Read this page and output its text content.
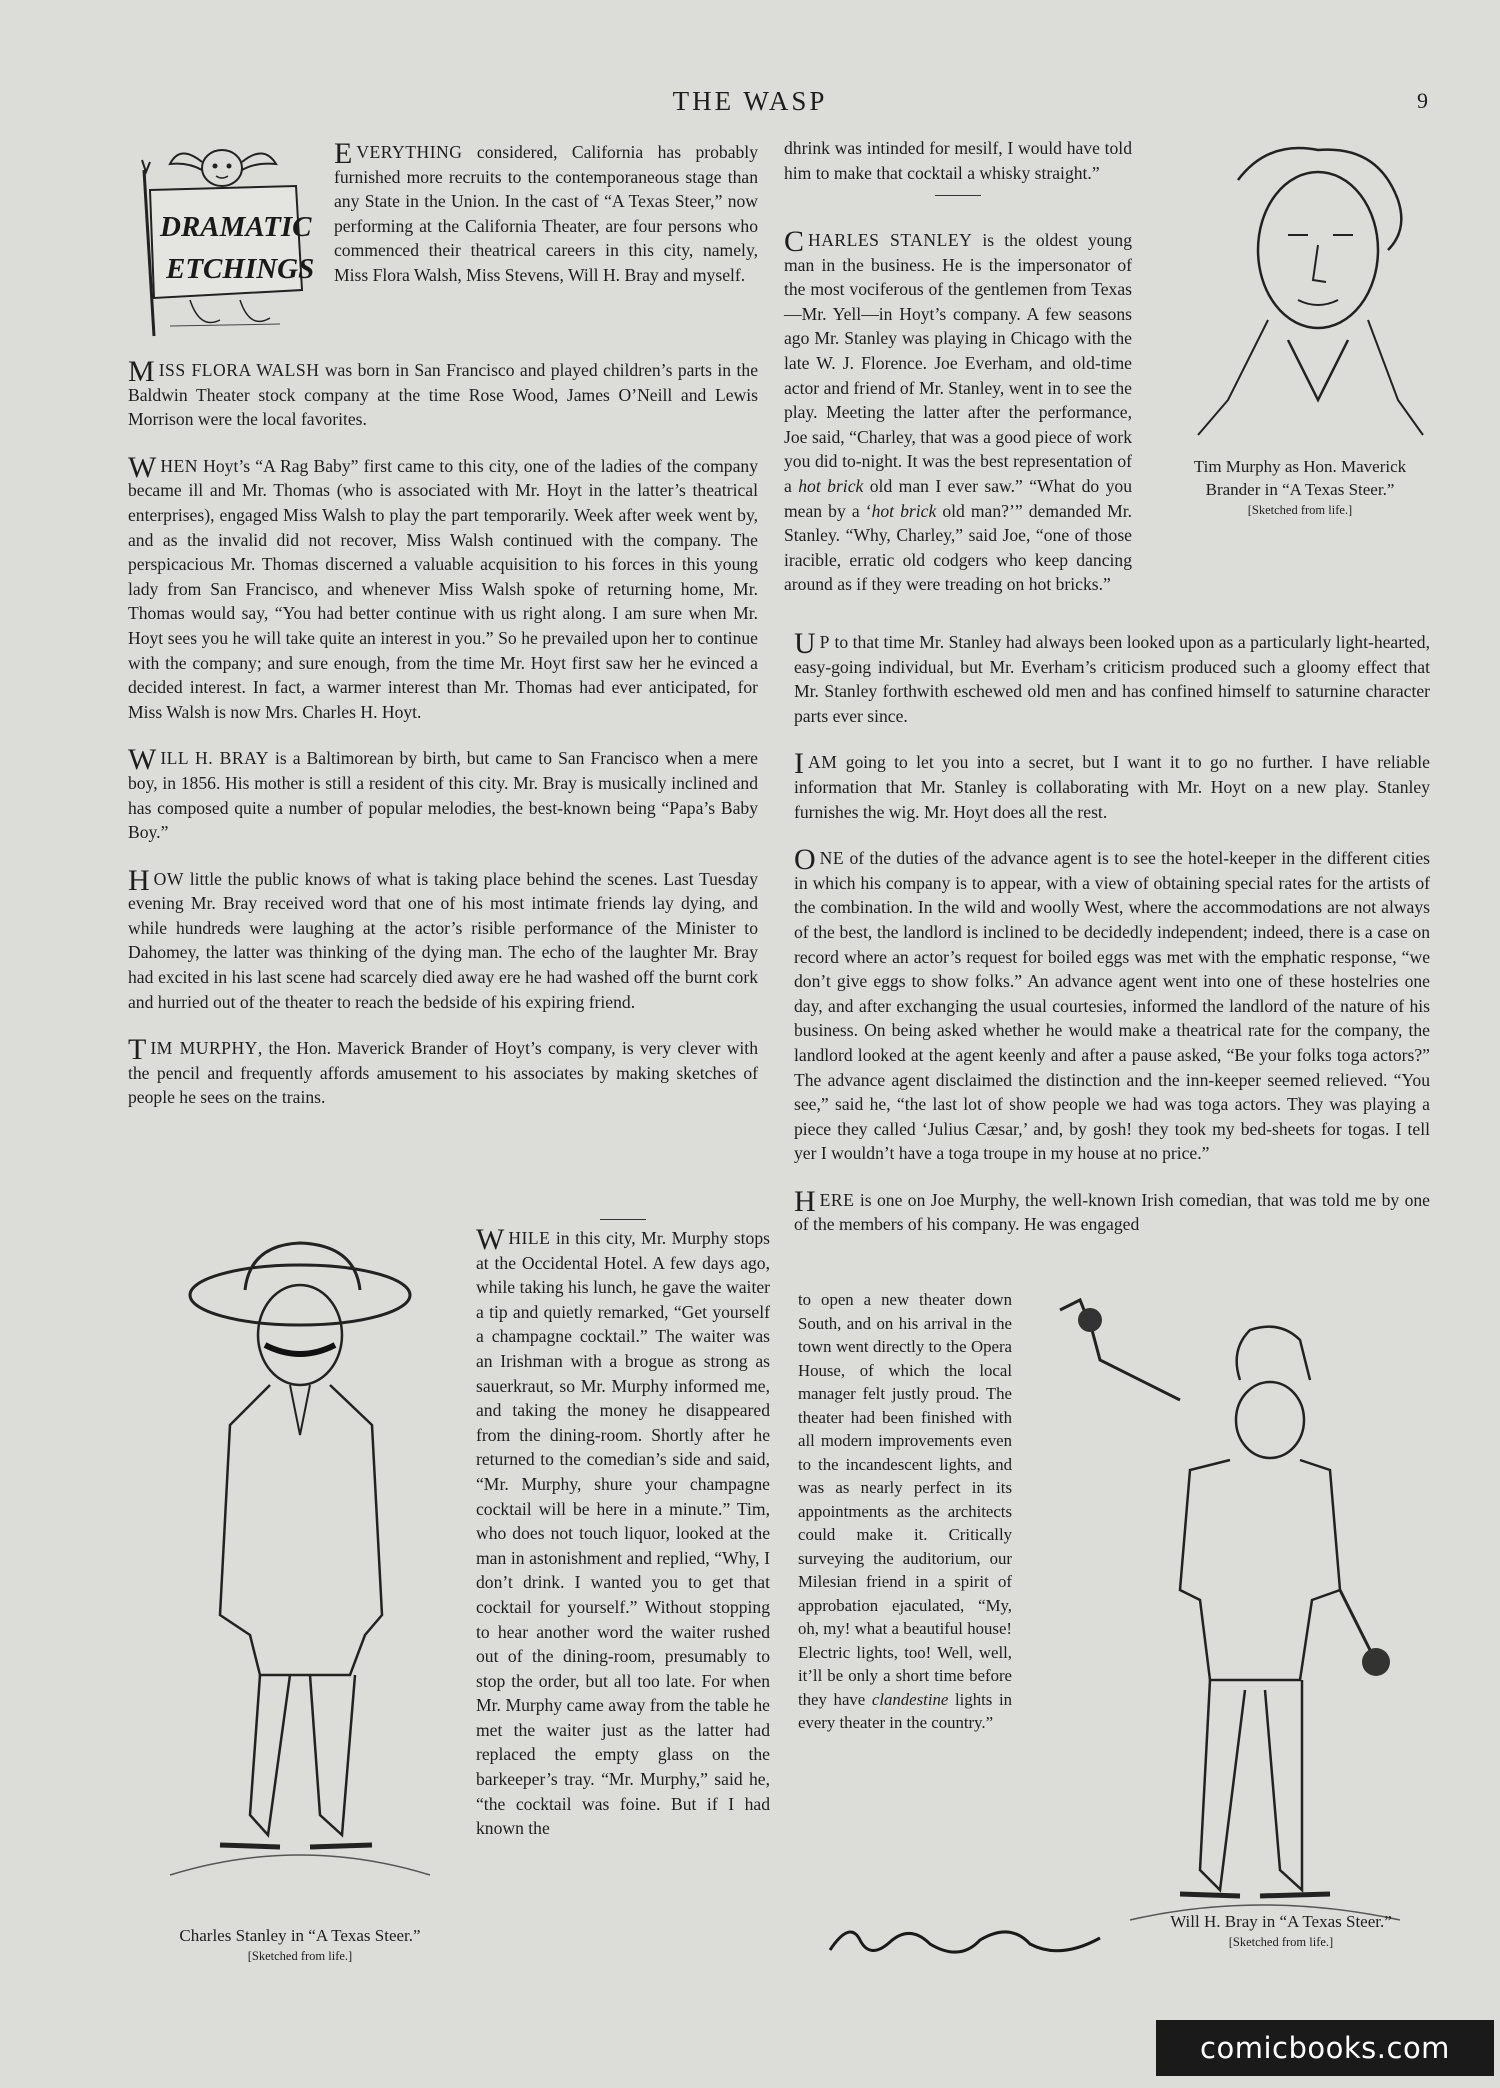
THE WASP	9
DRAMATIC
ETCHINGS

EVERYTHING considered, California has probably furnished more recruits to the contemporaneous stage than any State in the Union. In the cast of “A Texas Steer,” now performing at the California Theater, are four persons who commenced their theatrical careers in this city, namely, Miss Flora Walsh, Miss Stevens, Will H. Bray and myself.

MISS FLORA WALSH was born in San Francisco and played children’s parts in the Baldwin Theater stock company at the time Rose Wood, James O’Neill and Lewis Morrison were the local favorites.

WHEN Hoyt’s “A Rag Baby” first came to this city, one of the ladies of the company became ill and Mr. Thomas (who is associated with Mr. Hoyt in the latter’s theatrical enterprises), engaged Miss Walsh to play the part temporarily. Week after week went by, and as the invalid did not recover, Miss Walsh continued with the company. The perspicacious Mr. Thomas discerned a valuable acquisition to his forces in this young lady from San Francisco, and whenever Miss Walsh spoke of returning home, Mr. Thomas would say, “You had better continue with us right along. I am sure when Mr. Hoyt sees you he will take quite an interest in you.” So he prevailed upon her to continue with the company; and sure enough, from the time Mr. Hoyt first saw her he evinced a decided interest. In fact, a warmer interest than Mr. Thomas had ever anticipated, for Miss Walsh is now Mrs. Charles H. Hoyt.

WILL H. BRAY is a Baltimorean by birth, but came to San Francisco when a mere boy, in 1856. His mother is still a resident of this city. Mr. Bray is musically inclined and has composed quite a number of popular melodies, the best-known being “Papa’s Baby Boy.”

HOW little the public knows of what is taking place behind the scenes. Last Tuesday evening Mr. Bray received word that one of his most intimate friends lay dying, and while hundreds were laughing at the actor’s risible performance of the Minister to Dahomey, the latter was thinking of the dying man. The echo of the laughter Mr. Bray had excited in his last scene had scarcely died away ere he had washed off the burnt cork and hurried out of the theater to reach the bedside of his expiring friend.

TIM MURPHY, the Hon. Maverick Brander of Hoyt’s company, is very clever with the pencil and frequently affords amusement to his associates by making sketches of people he sees on the trains.

Charles Stanley in “A Texas Steer.”
[Sketched from life.]

WHILE in this city, Mr. Murphy stops at the Occidental Hotel. A few days ago, while taking his lunch, he gave the waiter a tip and quietly remarked, “Get yourself a champagne cocktail.” The waiter was an Irishman with a brogue as strong as sauerkraut, so Mr. Murphy informed me, and taking the money he disappeared from the dining-room. Shortly after he returned to the comedian’s side and said, “Mr. Murphy, shure your champagne cocktail will be here in a minute.” Tim, who does not touch liquor, looked at the man in astonishment and replied, “Why, I don’t drink. I wanted you to get that cocktail for yourself.” Without stopping to hear another word the waiter rushed out of the dining-room, presumably to stop the order, but all too late. For when Mr. Murphy came away from the table he met the waiter just as the latter had replaced the empty glass on the barkeeper’s tray. “Mr. Murphy,” said he, “the cocktail was foine. But if I had known the

dhrink was intinded for mesilf, I would have told him to make that cocktail a whisky straight.”

Tim Murphy as Hon. Maverick
Brander in “A Texas Steer.”
[Sketched from life.]

CHARLES STANLEY is the oldest young man in the business. He is the impersonator of the most vociferous of the gentlemen from Texas—Mr. Yell—in Hoyt’s company. A few seasons ago Mr. Stanley was playing in Chicago with the late W. J. Florence. Joe Everham, and old-time actor and friend of Mr. Stanley, went in to see the play. Meeting the latter after the performance, Joe said, “Charley, that was a good piece of work you did to-night. It was the best representation of a hot brick old man I ever saw.” “What do you mean by a ‘hot brick old man?’” demanded Mr. Stanley. “Why, Charley,” said Joe, “one of those iracible, erratic old codgers who keep dancing around as if they were treading on hot bricks.”

U P to that time Mr. Stanley had always been looked upon as a particularly light-hearted, easy-going individual, but Mr. Everham’s criticism produced such a gloomy effect that Mr. Stanley forthwith eschewed old men and has confined himself to saturnine character parts ever since.

IAM going to let you into a secret, but I want it to go no further. I have reliable information that Mr. Stanley is collaborating with Mr. Hoyt on a new play. Stanley furnishes the wig. Mr. Hoyt does all the rest.

ONE of the duties of the advance agent is to see the hotel-keeper in the different cities in which his company is to appear, with a view of obtaining special rates for the artists of the combination. In the wild and woolly West, where the accommodations are not always of the best, the landlord is inclined to be decidedly independent; indeed, there is a case on record where an actor’s request for boiled eggs was met with the emphatic response, “we don’t give eggs to show folks.” An advance agent went into one of these hostelries one day, and after exchanging the usual courtesies, informed the landlord of the nature of his business. On being asked whether he would make a theatrical rate for the company, the landlord looked at the agent keenly and after a pause asked, “Be your folks toga actors?” The advance agent disclaimed the distinction and the inn-keeper seemed relieved. “You see,” said he, “the last lot of show people we had was toga actors. They was playing a piece they called ‘Julius Cæsar,’ and, by gosh! they took my bed-sheets for togas. I tell yer I wouldn’t have a toga troupe in my house at no price.”

HERE is one on Joe Murphy, the well-known Irish comedian, that was told me by one of the members of his company. He was engaged

to open a new theater down South, and on his arrival in the town went directly to the Opera House, of which the local manager felt justly proud. The theater had been finished with all modern improvements even to the incandescent lights, and was as nearly perfect in its appointments as the architects could make it. Critically surveying the auditorium, our Milesian friend in a spirit of approbation ejaculated, “My, oh, my! what a beautiful house! Electric lights, too! Well, well, it’ll be only a short time before they have clandestine lights in every theater in the country.”

Will H. Bray in “A Texas Steer.”
[Sketched from life.]
comicbooks.com
